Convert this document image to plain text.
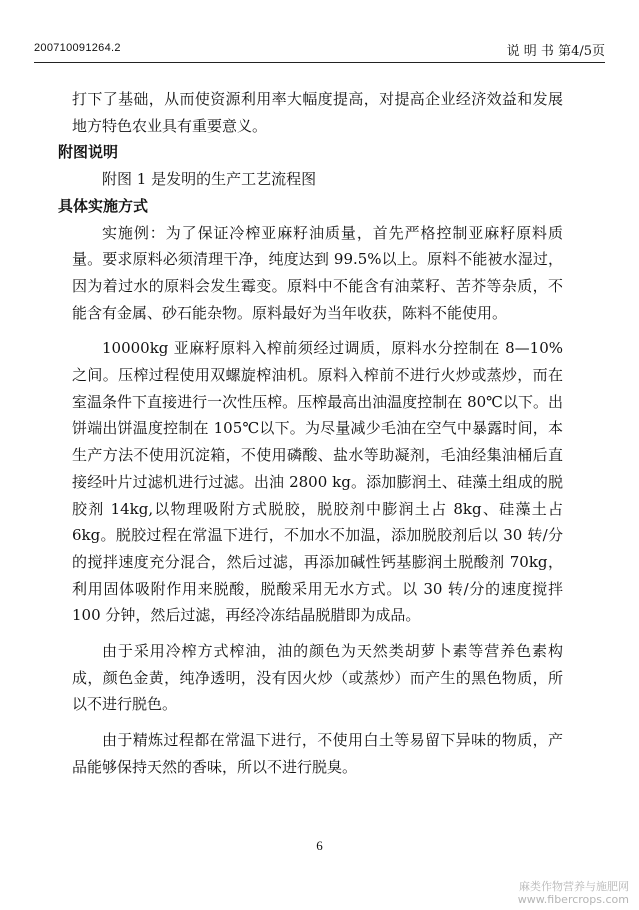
200710091264.2	说 明 书 第4/5页

打下了基础，从而使资源利用率大幅度提高，对提高企业经济效益和发展地方特色农业具有重要意义。

附图说明

附图 1 是发明的生产工艺流程图

具体实施方式

实施例：为了保证冷榨亚麻籽油质量，首先严格控制亚麻籽原料质量。要求原料必须清理干净，纯度达到 99.5%以上。原料不能被水湿过，因为着过水的原料会发生霉变。原料中不能含有油菜籽、苦芥等杂质，不能含有金属、砂石能杂物。原料最好为当年收获，陈料不能使用。

10000kg 亚麻籽原料入榨前须经过调质，原料水分控制在 8—10%之间。压榨过程使用双螺旋榨油机。原料入榨前不进行火炒或蒸炒，而在室温条件下直接进行一次性压榨。压榨最高出油温度控制在 80℃以下。出饼端出饼温度控制在 105℃以下。为尽量减少毛油在空气中暴露时间，本生产方法不使用沉淀箱，不使用磷酸、盐水等助凝剂，毛油经集油桶后直接经叶片过滤机进行过滤。出油 2800 kg。添加膨润土、硅藻土组成的脱胶剂 14kg,以物理吸附方式脱胶，脱胶剂中膨润土占 8kg、硅藻土占 6kg。脱胶过程在常温下进行，不加水不加温，添加脱胶剂后以 30 转/分的搅拌速度充分混合，然后过滤，再添加碱性钙基膨润土脱酸剂 70kg，利用固体吸附作用来脱酸，脱酸采用无水方式。以 30 转/分的速度搅拌 100 分钟，然后过滤，再经冷冻结晶脱腊即为成品。

由于采用冷榨方式榨油，油的颜色为天然类胡萝卜素等营养色素构成，颜色金黄，纯净透明，没有因火炒（或蒸炒）而产生的黑色物质，所以不进行脱色。

由于精炼过程都在常温下进行，不使用白土等易留下异味的物质，产品能够保持天然的香味，所以不进行脱臭。

6
麻类作物营养与施肥网
www.fibercrops.com
